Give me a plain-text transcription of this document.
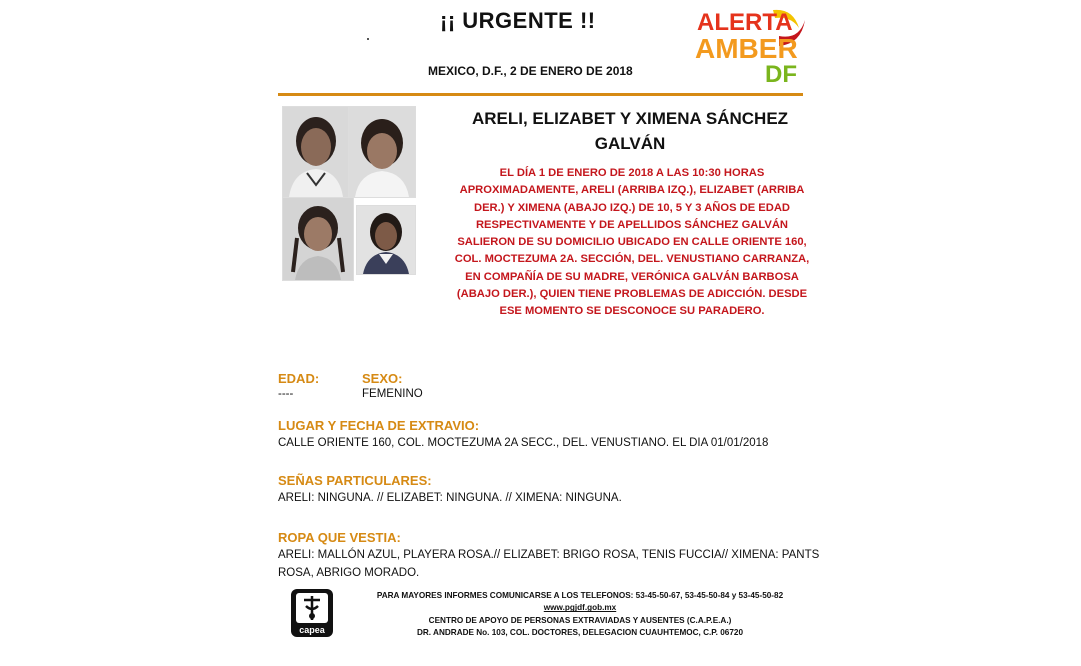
¡¡ URGENTE !!
MEXICO, D.F., 2 DE ENERO DE 2018
ALERTA
AMBER
DF
ARELI, ELIZABET Y XIMENA SÁNCHEZ GALVÁN
EL DÍA 1 DE ENERO DE 2018 A LAS 10:30 HORAS APROXIMADAMENTE, ARELI (ARRIBA IZQ.), ELIZABET (ARRIBA DER.) Y XIMENA (ABAJO IZQ.) DE 10, 5 Y 3 AÑOS DE EDAD RESPECTIVAMENTE Y DE APELLIDOS SÁNCHEZ GALVÁN SALIERON DE SU DOMICILIO UBICADO EN CALLE ORIENTE 160, COL. MOCTEZUMA 2A. SECCIÓN, DEL. VENUSTIANO CARRANZA, EN COMPAÑÍA DE SU MADRE, VERÓNICA GALVÁN BARBOSA (ABAJO DER.), QUIEN TIENE PROBLEMAS DE ADICCIÓN. DESDE ESE MOMENTO SE DESCONOCE SU PARADERO.
EDAD:
----
SEXO:
FEMENINO
LUGAR Y FECHA DE EXTRAVIO:
CALLE ORIENTE 160, COL. MOCTEZUMA 2A SECC., DEL. VENUSTIANO. EL DIA 01/01/2018
SEÑAS PARTICULARES:
ARELI: NINGUNA. // ELIZABET: NINGUNA. // XIMENA: NINGUNA.
ROPA QUE VESTIA:
ARELI: MALLÓN AZUL, PLAYERA ROSA.// ELIZABET: BRIGO ROSA, TENIS FUCCIA// XIMENA: PANTS
ROSA, ABRIGO MORADO.
capea
PARA MAYORES INFORMES COMUNICARSE A LOS TELEFONOS: 53-45-50-67, 53-45-50-84 y 53-45-50-82
www.pgjdf.gob.mx
CENTRO DE APOYO DE PERSONAS EXTRAVIADAS Y AUSENTES (C.A.P.E.A.)
DR. ANDRADE No. 103, COL. DOCTORES, DELEGACION CUAUHTEMOC, C.P. 06720
